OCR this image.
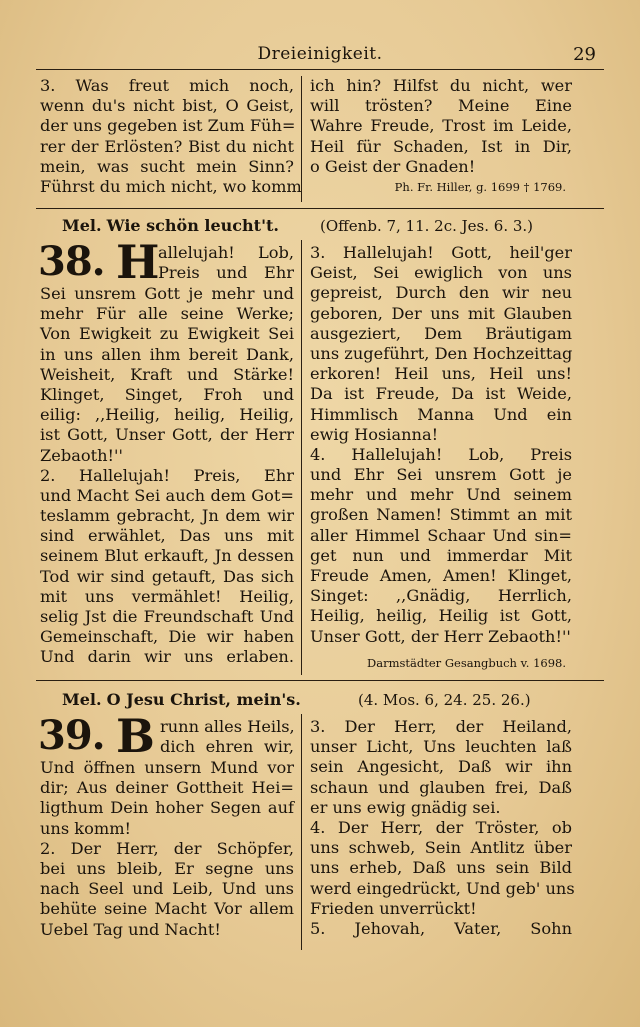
Dreieinigkeit.	29
3. Was freut mich noch,
wenn du's nicht bist, O Geist,
der uns gegeben ist Zum Füh=
rer der Erlösten? Bist du nicht
mein, was sucht mein Sinn?
Führst du mich nicht, wo komm
ich hin? Hilfst du nicht, wer
will trösten? Meine Eine
Wahre Freude, Trost im Leide,
Heil für Schaden, Ist in Dir,
o Geist der Gnaden!
Ph. Fr. Hiller, g. 1699 † 1769.
Mel. Wie schön leucht't.	(Offenb. 7, 11. 2c. Jes. 6. 3.)
38. H
allelujah! Lob,
Preis und Ehr
Sei unsrem Gott je mehr und
mehr Für alle seine Werke;
Von Ewigkeit zu Ewigkeit Sei
in uns allen ihm bereit Dank,
Weisheit, Kraft und Stärke!
Klinget, Singet, Froh und
eilig: ,,Heilig, heilig, Heilig,
ist Gott, Unser Gott, der Herr
Zebaoth!''
2. Hallelujah! Preis, Ehr
und Macht Sei auch dem Got=
teslamm gebracht, Jn dem wir
sind erwählet, Das uns mit
seinem Blut erkauft, Jn dessen
Tod wir sind getauft, Das sich
mit uns vermählet! Heilig,
selig Jst die Freundschaft Und
Gemeinschaft, Die wir haben
Und darin wir uns erlaben.
3. Hallelujah! Gott, heil'ger
Geist, Sei ewiglich von uns
gepreist, Durch den wir neu
geboren, Der uns mit Glauben
ausgeziert, Dem Bräutigam
uns zugeführt, Den Hochzeittag
erkoren! Heil uns, Heil uns!
Da ist Freude, Da ist Weide,
Himmlisch Manna Und ein
ewig Hosianna!
4. Hallelujah! Lob, Preis
und Ehr Sei unsrem Gott je
mehr und mehr Und seinem
großen Namen! Stimmt an mit
aller Himmel Schaar Und sin=
get nun und immerdar Mit
Freude Amen, Amen! Klinget,
Singet: ,,Gnädig, Herrlich,
Heilig, heilig, Heilig ist Gott,
Unser Gott, der Herr Zebaoth!''
Darmstädter Gesangbuch v. 1698.
Mel. O Jesu Christ, mein's.	(4. Mos. 6, 24. 25. 26.)
39. B runn alles Heils,
dich ehren wir,
Und öffnen unsern Mund vor
dir; Aus deiner Gottheit Hei=
ligthum Dein hoher Segen auf
uns komm!
2. Der Herr, der Schöpfer,
bei uns bleib, Er segne uns
nach Seel und Leib, Und uns
behüte seine Macht Vor allem
Uebel Tag und Nacht!
3. Der Herr, der Heiland,
unser Licht, Uns leuchten laß
sein Angesicht, Daß wir ihn
schaun und glauben frei, Daß
er uns ewig gnädig sei.
4. Der Herr, der Tröster, ob
uns schweb, Sein Antlitz über
uns erheb, Daß uns sein Bild
werd eingedrückt, Und geb' uns
Frieden unverrückt!
5. Jehovah, Vater, Sohn
